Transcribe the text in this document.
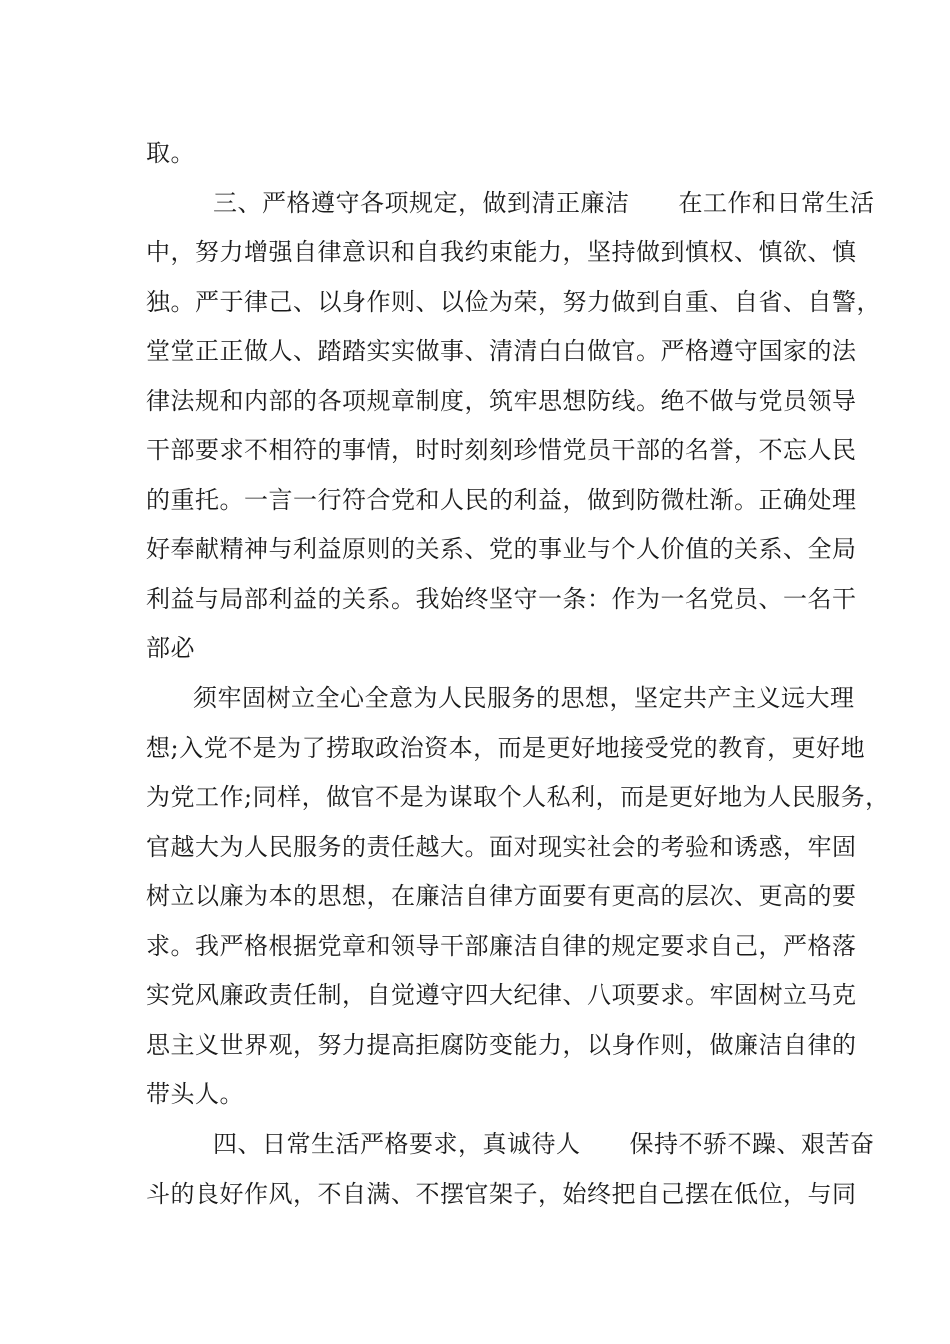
取。

三、严格遵守各项规定，做到清正廉洁　　在工作和日常生活

中，努力增强自律意识和自我约束能力，坚持做到慎权、慎欲、慎

独。严于律己、以身作则、以俭为荣，努力做到自重、自省、自警，

堂堂正正做人、踏踏实实做事、清清白白做官。严格遵守国家的法

律法规和内部的各项规章制度，筑牢思想防线。绝不做与党员领导

干部要求不相符的事情，时时刻刻珍惜党员干部的名誉，不忘人民

的重托。一言一行符合党和人民的利益，做到防微杜渐。正确处理

好奉献精神与利益原则的关系、党的事业与个人价值的关系、全局

利益与局部利益的关系。我始终坚守一条：作为一名党员、一名干

部必

须牢固树立全心全意为人民服务的思想，坚定共产主义远大理

想;入党不是为了捞取政治资本，而是更好地接受党的教育，更好地

为党工作;同样，做官不是为谋取个人私利，而是更好地为人民服务，

官越大为人民服务的责任越大。面对现实社会的考验和诱惑，牢固

树立以廉为本的思想，在廉洁自律方面要有更高的层次、更高的要

求。我严格根据党章和领导干部廉洁自律的规定要求自己，严格落

实党风廉政责任制，自觉遵守四大纪律、八项要求。牢固树立马克

思主义世界观，努力提高拒腐防变能力，以身作则，做廉洁自律的

带头人。

四、日常生活严格要求，真诚待人　　保持不骄不躁、艰苦奋

斗的良好作风，不自满、不摆官架子，始终把自己摆在低位，与同
